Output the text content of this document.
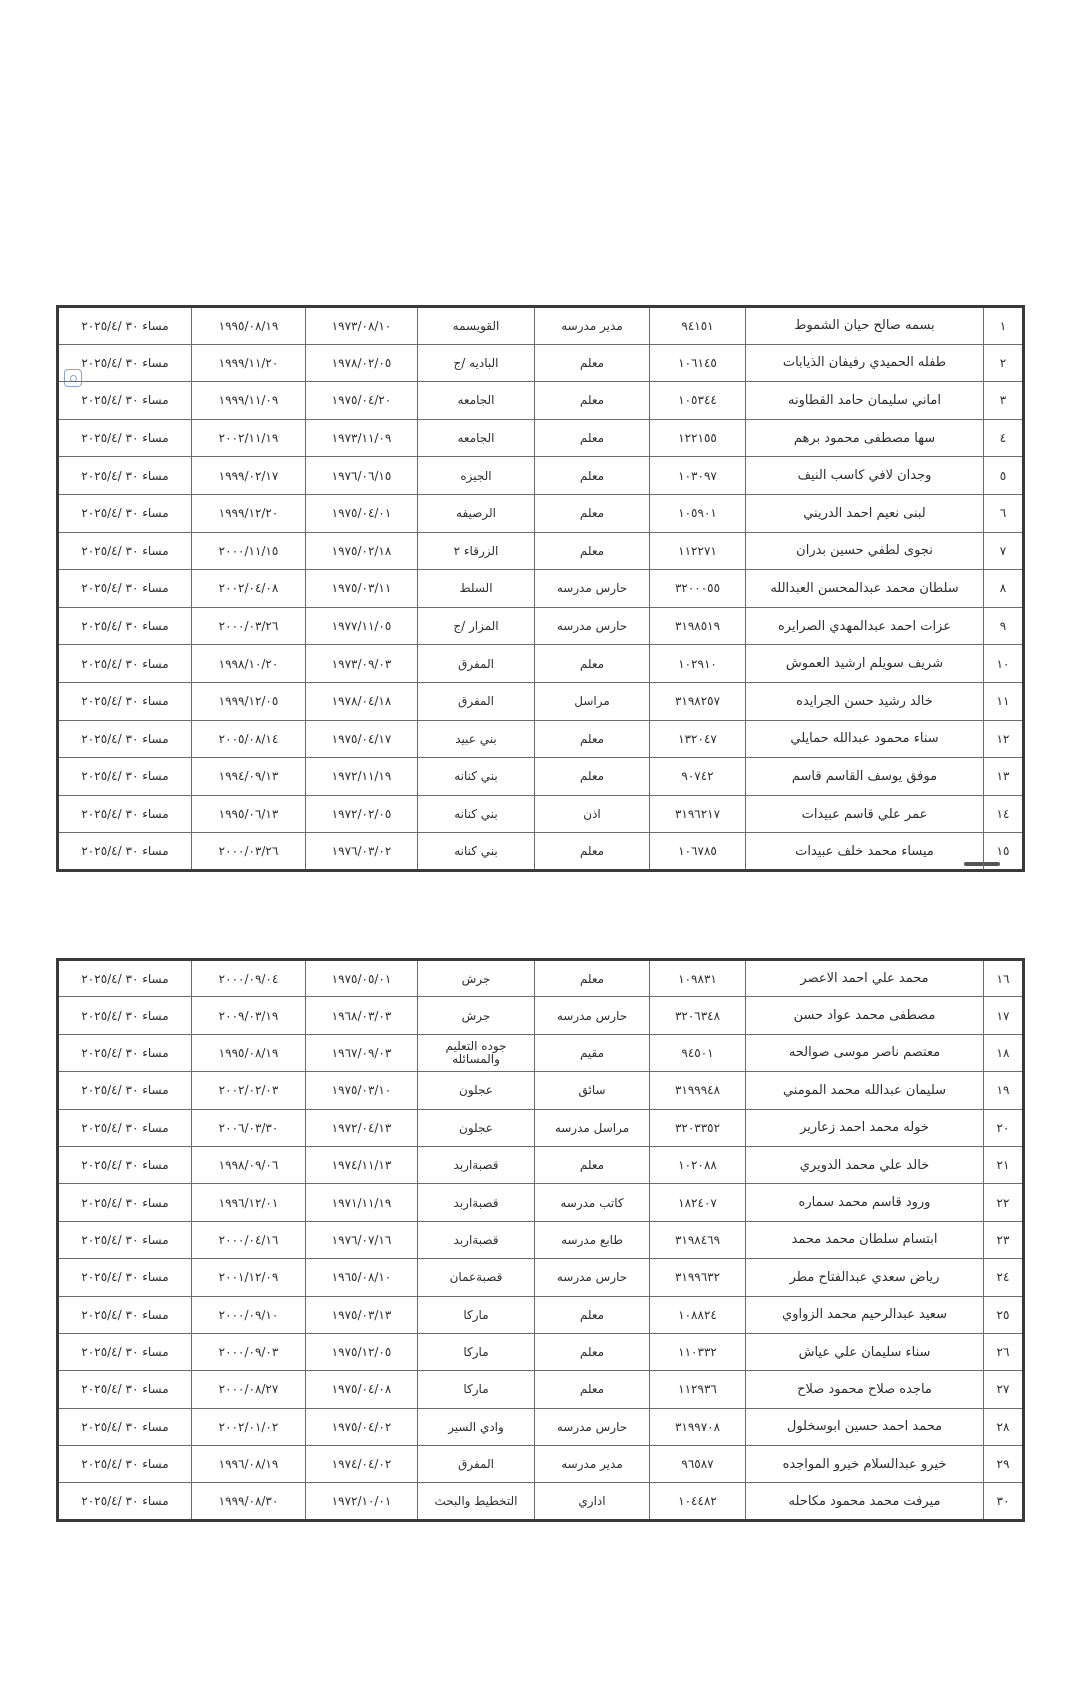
١	بسمه صالح حيان الشموط	٩٤١٥١	مدير مدرسه	القويسمه	١٩٧٣/٠٨/١٠	١٩٩٥/٠٨/١٩	مساء ٣٠ /٢٠٢٥/٤
٢	طفله الحميدي رفيفان الذيابات	١٠٦١٤٥	معلم	الباديه /ج	١٩٧٨/٠٢/٠٥	١٩٩٩/١١/٢٠	مساء ٣٠ /٢٠٢٥/٤
٣	اماني سليمان حامد القطاونه	١٠٥٣٤٤	معلم	الجامعه	١٩٧٥/٠٤/٢٠	١٩٩٩/١١/٠٩	مساء ٣٠ /٢٠٢٥/٤
٤	سها مصطفى محمود برهم	١٢٢١٥٥	معلم	الجامعه	١٩٧٣/١١/٠٩	٢٠٠٢/١١/١٩	مساء ٣٠ /٢٠٢٥/٤
٥	وجدان لافي كاسب النيف	١٠٣٠٩٧	معلم	الجيزه	١٩٧٦/٠٦/١٥	١٩٩٩/٠٢/١٧	مساء ٣٠ /٢٠٢٥/٤
٦	لبنى نعيم احمد الدريني	١٠٥٩٠١	معلم	الرصيفه	١٩٧٥/٠٤/٠١	١٩٩٩/١٢/٢٠	مساء ٣٠ /٢٠٢٥/٤
٧	نجوى لطفي حسين بدران	١١٢٢٧١	معلم	الزرقاء ٢	١٩٧٥/٠٢/١٨	٢٠٠٠/١١/١٥	مساء ٣٠ /٢٠٢٥/٤
٨	سلطان محمد عبدالمحسن العبدالله	٣٢٠٠٠٥٥	حارس مدرسه	السلط	١٩٧٥/٠٣/١١	٢٠٠٢/٠٤/٠٨	مساء ٣٠ /٢٠٢٥/٤
٩	عزات احمد عبدالمهدي الصرايره	٣١٩٨٥١٩	حارس مدرسه	المزار /ج	١٩٧٧/١١/٠٥	٢٠٠٠/٠٣/٢٦	مساء ٣٠ /٢٠٢٥/٤
١٠	شريف سويلم ارشيد العموش	١٠٢٩١٠	معلم	المفرق	١٩٧٣/٠٩/٠٣	١٩٩٨/١٠/٢٠	مساء ٣٠ /٢٠٢٥/٤
١١	خالد رشيد حسن الجرايده	٣١٩٨٢٥٧	مراسل	المفرق	١٩٧٨/٠٤/١٨	١٩٩٩/١٢/٠٥	مساء ٣٠ /٢٠٢٥/٤
١٢	سناء محمود عبدالله حمايلي	١٣٢٠٤٧	معلم	بني عبيد	١٩٧٥/٠٤/١٧	٢٠٠٥/٠٨/١٤	مساء ٣٠ /٢٠٢٥/٤
١٣	موفق يوسف القاسم قاسم	٩٠٧٤٢	معلم	بني كنانه	١٩٧٢/١١/١٩	١٩٩٤/٠٩/١٣	مساء ٣٠ /٢٠٢٥/٤
١٤	عمر علي قاسم عبيدات	٣١٩٦٢١٧	اذن	بني كنانه	١٩٧٢/٠٢/٠٥	١٩٩٥/٠٦/١٣	مساء ٣٠ /٢٠٢٥/٤
١٥	ميساء محمد خلف عبيدات	١٠٦٧٨٥	معلم	بني كنانه	١٩٧٦/٠٣/٠٢	٢٠٠٠/٠٣/٢٦	مساء ٣٠ /٢٠٢٥/٤
١٦	محمد علي احمد الاعصر	١٠٩٨٣١	معلم	جرش	١٩٧٥/٠٥/٠١	٢٠٠٠/٠٩/٠٤	مساء ٣٠ /٢٠٢٥/٤
١٧	مصطفى محمد عواد حسن	٣٢٠٦٣٤٨	حارس مدرسه	جرش	١٩٦٨/٠٣/٠٣	٢٠٠٩/٠٣/١٩	مساء ٣٠ /٢٠٢٥/٤
١٨	معتصم ناصر موسى صوالحه	٩٤٥٠١	مقيم	جوده التعليم والمسائله	١٩٦٧/٠٩/٠٣	١٩٩٥/٠٨/١٩	مساء ٣٠ /٢٠٢٥/٤
١٩	سليمان عبدالله محمد المومني	٣١٩٩٩٤٨	سائق	عجلون	١٩٧٥/٠٣/١٠	٢٠٠٢/٠٢/٠٣	مساء ٣٠ /٢٠٢٥/٤
٢٠	خوله محمد احمد زعارير	٣٢٠٣٣٥٢	مراسل مدرسه	عجلون	١٩٧٢/٠٤/١٣	٢٠٠٦/٠٣/٣٠	مساء ٣٠ /٢٠٢٥/٤
٢١	خالد علي محمد الدويري	١٠٢٠٨٨	معلم	قصبةاربد	١٩٧٤/١١/١٣	١٩٩٨/٠٩/٠٦	مساء ٣٠ /٢٠٢٥/٤
٢٢	ورود قاسم محمد سماره	١٨٢٤٠٧	كاتب مدرسه	قصبةاربد	١٩٧١/١١/١٩	١٩٩٦/١٢/٠١	مساء ٣٠ /٢٠٢٥/٤
٢٣	ابتسام سلطان محمد محمد	٣١٩٨٤٦٩	طابع مدرسه	قصبةاربد	١٩٧٦/٠٧/١٦	٢٠٠٠/٠٤/١٦	مساء ٣٠ /٢٠٢٥/٤
٢٤	رياض سعدي عبدالفتاح مطر	٣١٩٩٦٣٢	حارس مدرسه	قصبةعمان	١٩٦٥/٠٨/١٠	٢٠٠١/١٢/٠٩	مساء ٣٠ /٢٠٢٥/٤
٢٥	سعيد عبدالرحيم محمد الزواوي	١٠٨٨٢٤	معلم	ماركا	١٩٧٥/٠٣/١٣	٢٠٠٠/٠٩/١٠	مساء ٣٠ /٢٠٢٥/٤
٢٦	سناء سليمان علي عياش	١١٠٣٣٢	معلم	ماركا	١٩٧٥/١٢/٠٥	٢٠٠٠/٠٩/٠٣	مساء ٣٠ /٢٠٢٥/٤
٢٧	ماجده صلاح محمود صلاح	١١٢٩٣٦	معلم	ماركا	١٩٧٥/٠٤/٠٨	٢٠٠٠/٠٨/٢٧	مساء ٣٠ /٢٠٢٥/٤
٢٨	محمد احمد حسين ابوسخلول	٣١٩٩٧٠٨	حارس مدرسه	وادي السير	١٩٧٥/٠٤/٠٢	٢٠٠٢/٠١/٠٢	مساء ٣٠ /٢٠٢٥/٤
٢٩	خيرو عبدالسلام خيرو المواجده	٩٦٥٨٧	مدير مدرسه	المفرق	١٩٧٤/٠٤/٠٢	١٩٩٦/٠٨/١٩	مساء ٣٠ /٢٠٢٥/٤
٣٠	ميرفت محمد محمود مكاحله	١٠٤٤٨٢	اداري	التخطيط والبحث	١٩٧٢/١٠/٠١	١٩٩٩/٠٨/٣٠	مساء ٣٠ /٢٠٢٥/٤
